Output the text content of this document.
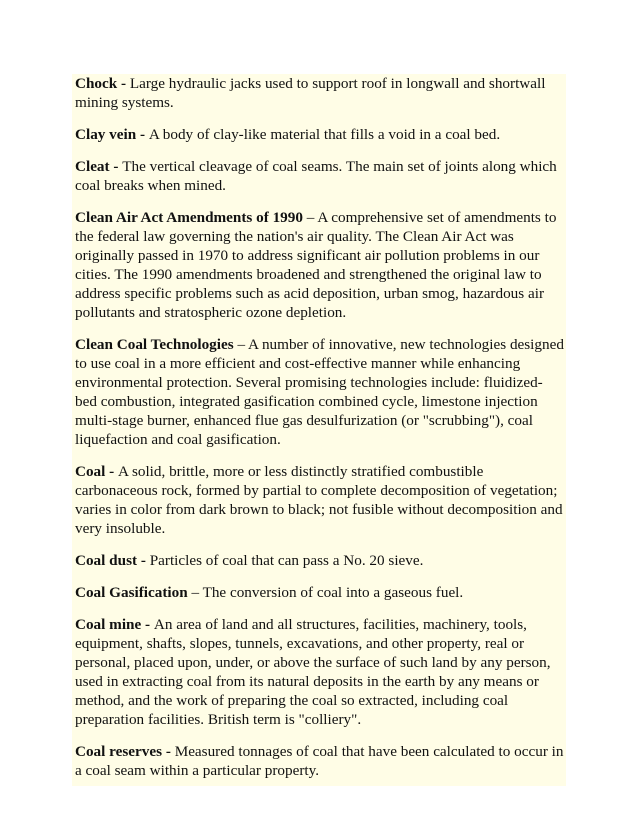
Chock - Large hydraulic jacks used to support roof in longwall and shortwall mining systems.

Clay vein - A body of clay-like material that fills a void in a coal bed.

Cleat - The vertical cleavage of coal seams. The main set of joints along which coal breaks when mined.

Clean Air Act Amendments of 1990 – A comprehensive set of amendments to the federal law governing the nation's air quality. The Clean Air Act was originally passed in 1970 to address significant air pollution problems in our cities. The 1990 amendments broadened and strengthened the original law to address specific problems such as acid deposition, urban smog, hazardous air pollutants and stratospheric ozone depletion.

Clean Coal Technologies – A number of innovative, new technologies designed to use coal in a more efficient and cost-effective manner while enhancing environmental protection. Several promising technologies include: fluidized-bed combustion, integrated gasification combined cycle, limestone injection multi-stage burner, enhanced flue gas desulfurization (or "scrubbing"), coal liquefaction and coal gasification.

Coal - A solid, brittle, more or less distinctly stratified combustible carbonaceous rock, formed by partial to complete decomposition of vegetation; varies in color from dark brown to black; not fusible without decomposition and very insoluble.

Coal dust - Particles of coal that can pass a No. 20 sieve.

Coal Gasification – The conversion of coal into a gaseous fuel.

Coal mine - An area of land and all structures, facilities, machinery, tools, equipment, shafts, slopes, tunnels, excavations, and other property, real or personal, placed upon, under, or above the surface of such land by any person, used in extracting coal from its natural deposits in the earth by any means or method, and the work of preparing the coal so extracted, including coal preparation facilities. British term is "colliery".

Coal reserves - Measured tonnages of coal that have been calculated to occur in a coal seam within a particular property.
